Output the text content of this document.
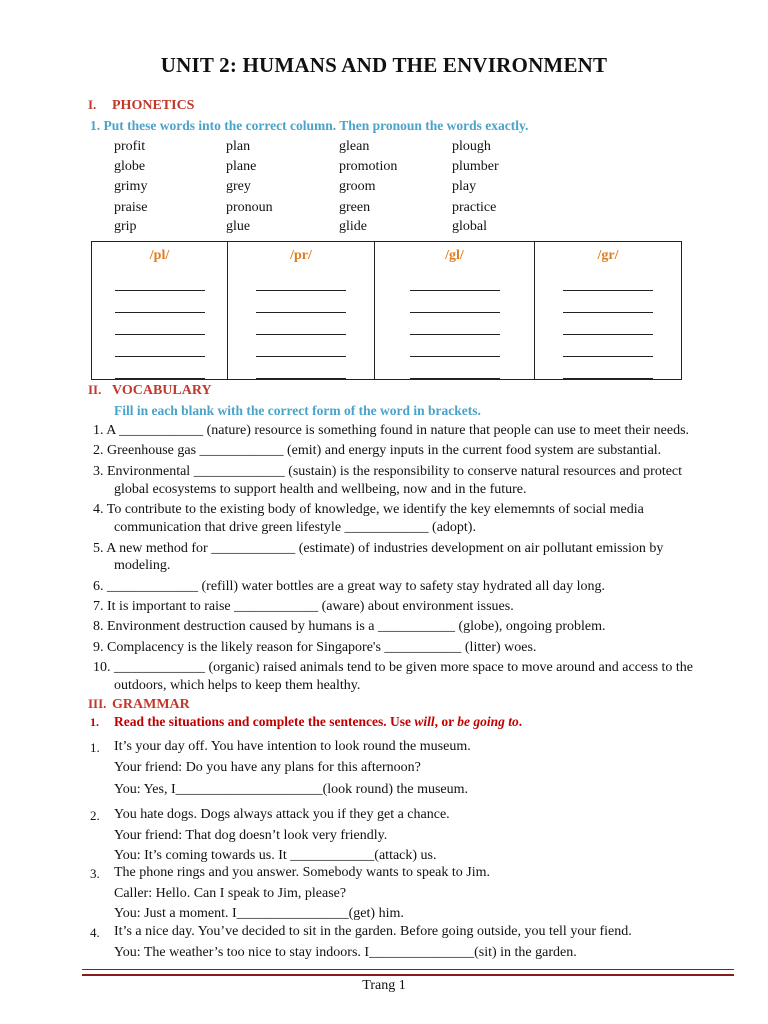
UNIT 2: HUMANS AND THE ENVIRONMENT
I. PHONETICS
1. Put these words into the correct column. Then pronoun the words exactly.
profit	plan	glean	plough
globe	plane	promotion	plumber
grimy	grey	groom	play
praise	pronoun	green	practice
grip	glue	glide	global
/pl/	/pr/	/gl/	/gr/
II. VOCABULARY
Fill in each blank with the correct form of the word in brackets.
1. A ____________ (nature) resource is something found in nature that people can use to meet their needs.
2. Greenhouse gas ____________ (emit) and energy inputs in the current food system are substantial.
3. Environmental _____________ (sustain) is the responsibility to conserve natural resources and protect
global ecosystems to support health and wellbeing, now and in the future.
4. To contribute to the existing body of knowledge, we identify the key elememnts of social media
communication that drive green lifestyle ____________ (adopt).
5. A new method for ____________ (estimate) of industries development on air pollutant emission by
modeling.
6. _____________ (refill) water bottles are a great way to safety stay hydrated all day long.
7. It is important to raise ____________ (aware) about environment issues.
8. Environment destruction caused by humans is a ___________ (globe), ongoing problem.
9. Complacency is the likely reason for Singapore's ___________ (litter) woes.
10. _____________ (organic) raised animals tend to be given more space to move around and access to the
outdoors, which helps to keep them healthy.
III. GRAMMAR
1. Read the situations and complete the sentences. Use will, or be going to.
1. It’s your day off. You have intention to look round the museum.
Your friend: Do you have any plans for this afternoon?
You: Yes, I_____________________(look round) the museum.
2. You hate dogs. Dogs always attack you if they get a chance.
Your friend: That dog doesn’t look very friendly.
You: It’s coming towards us. It ____________(attack) us.
3. The phone rings and you answer. Somebody wants to speak to Jim.
Caller: Hello. Can I speak to Jim, please?
You: Just a moment. I________________(get) him.
4. It’s a nice day. You’ve decided to sit in the garden. Before going outside, you tell your fiend.
You: The weather’s too nice to stay indoors. I_______________(sit) in the garden.
Trang 1
